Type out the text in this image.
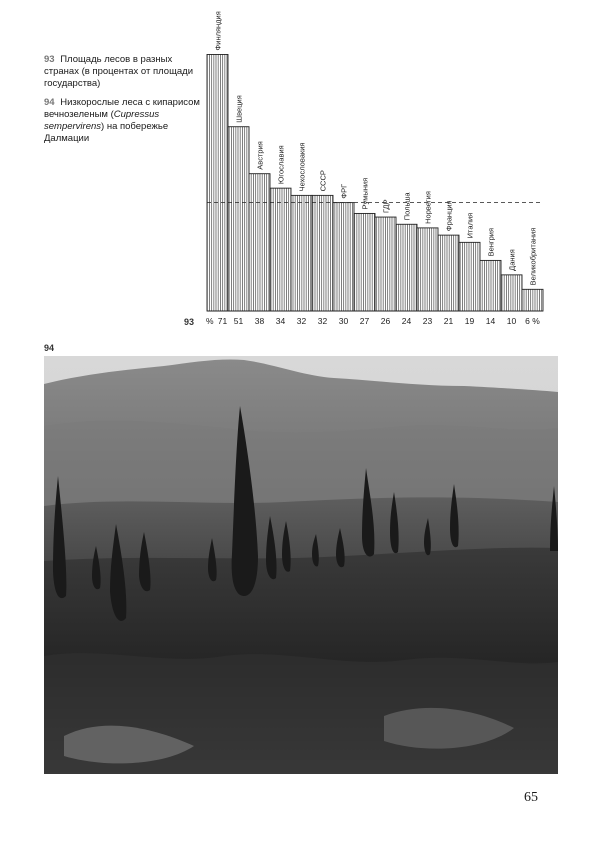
93 Площадь лесов в разных странах (в процентах от площади государства)
94 Низкорослые леса с кипарисом вечнозеленым (Cupressus sempervirens) на побережье Далмации
Финляндия
Швеция
Австрия Югославия Чехословакия СССР ФРГ Румыния ГДР Польша Норвегия Франция Италия
Венгрия
Дания Великобритания
71 51 38 34 32 32 30 27 26 24 23 21 19 14 10 6 %
%
93
94
65
